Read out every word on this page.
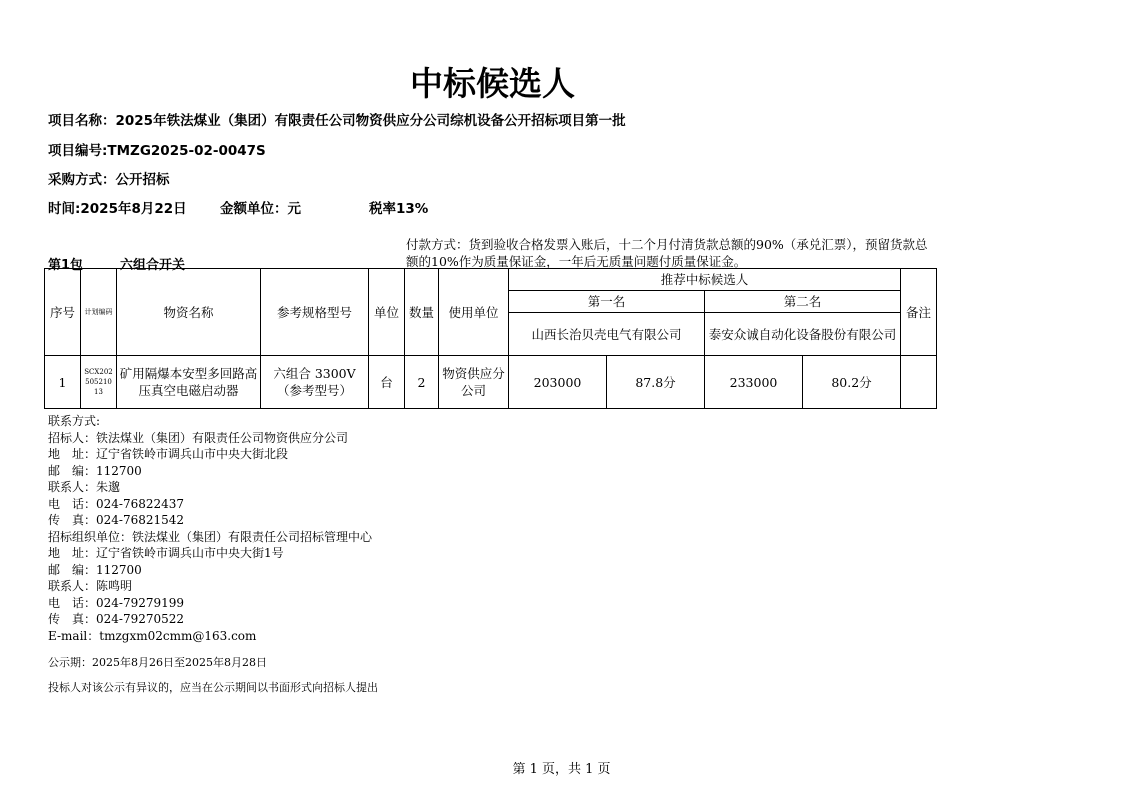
中标候选人
项目名称：2025年铁法煤业（集团）有限责任公司物资供应分公司综机设备公开招标项目第一批
项目编号:TMZG2025-02-0047S
采购方式：公开招标
时间:2025年8月22日 金额单位：元	税率13%
第1包	六组合开关
付款方式：货到验收合格发票入账后，十二个月付清货款总额的90%（承兑汇票），预留货款总额的10%作为质量保证金，一年后无质量问题付质量保证金。
序号	计划编码	物资名称	参考规格型号	单位	数量	使用单位	推荐中标候选人				备注
							第一名		第二名		
							山西长治贝壳电气有限公司		泰安众诚自动化设备股份有限公司		
1	SCX20250521013	矿用隔爆本安型多回路高压真空电磁启动器	六组合 3300V（参考型号）	台	2	物资供应分公司	203000	87.8分	233000	80.2分	
联系方式:
招标人：铁法煤业（集团）有限责任公司物资供应分公司
地　址：辽宁省铁岭市调兵山市中央大街北段
邮　编：112700
联系人：朱邈
电　话：024-76822437
传　真：024-76821542
招标组织单位：铁法煤业（集团）有限责任公司招标管理中心
地　址：辽宁省铁岭市调兵山市中央大街1号
邮　编：112700
联系人：陈鸣明
电　话：024-79279199
传　真：024-79270522
E-mail：tmzgxm02cmm@163.com
公示期：2025年8月26日至2025年8月28日
投标人对该公示有异议的，应当在公示期间以书面形式向招标人提出
第 1 页，共 1 页
